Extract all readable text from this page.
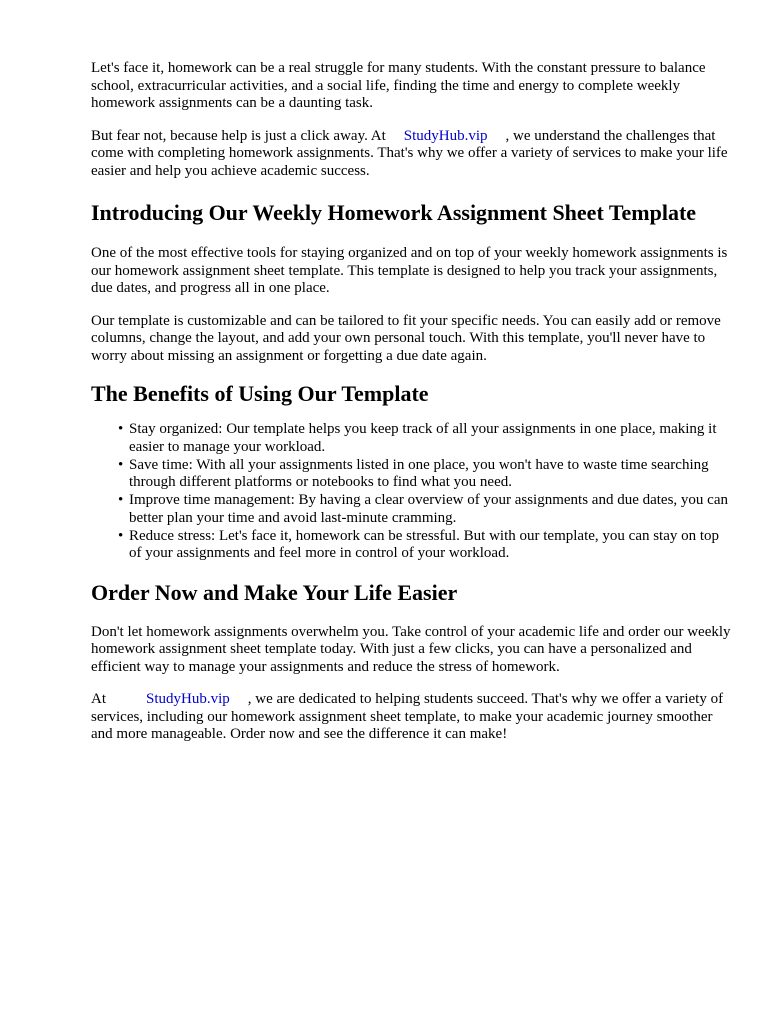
Let's face it, homework can be a real struggle for many students. With the constant pressure to balance school, extracurricular activities, and a social life, finding the time and energy to complete weekly homework assignments can be a daunting task.

But fear not, because help is just a click away. At StudyHub.vip , we understand the challenges that come with completing homework assignments. That's why we offer a variety of services to make your life easier and help you achieve academic success.

Introducing Our Weekly Homework Assignment Sheet Template

One of the most effective tools for staying organized and on top of your weekly homework assignments is our homework assignment sheet template. This template is designed to help you track your assignments, due dates, and progress all in one place.

Our template is customizable and can be tailored to fit your specific needs. You can easily add or remove columns, change the layout, and add your own personal touch. With this template, you'll never have to worry about missing an assignment or forgetting a due date again.

The Benefits of Using Our Template
• Stay organized: Our template helps you keep track of all your assignments in one place, making it easier to manage your workload.
• Save time: With all your assignments listed in one place, you won't have to waste time searching through different platforms or notebooks to find what you need.
• Improve time management: By having a clear overview of your assignments and due dates, you can better plan your time and avoid last-minute cramming.
• Reduce stress: Let's face it, homework can be stressful. But with our template, you can stay on top of your assignments and feel more in control of your workload.
Order Now and Make Your Life Easier

Don't let homework assignments overwhelm you. Take control of your academic life and order our weekly homework assignment sheet template today. With just a few clicks, you can have a personalized and efficient way to manage your assignments and reduce the stress of homework.

At	StudyHub.vip , we are dedicated to helping students succeed. That's why we offer a variety of services, including our homework assignment sheet template, to make your academic journey smoother and more manageable. Order now and see the difference it can make!
